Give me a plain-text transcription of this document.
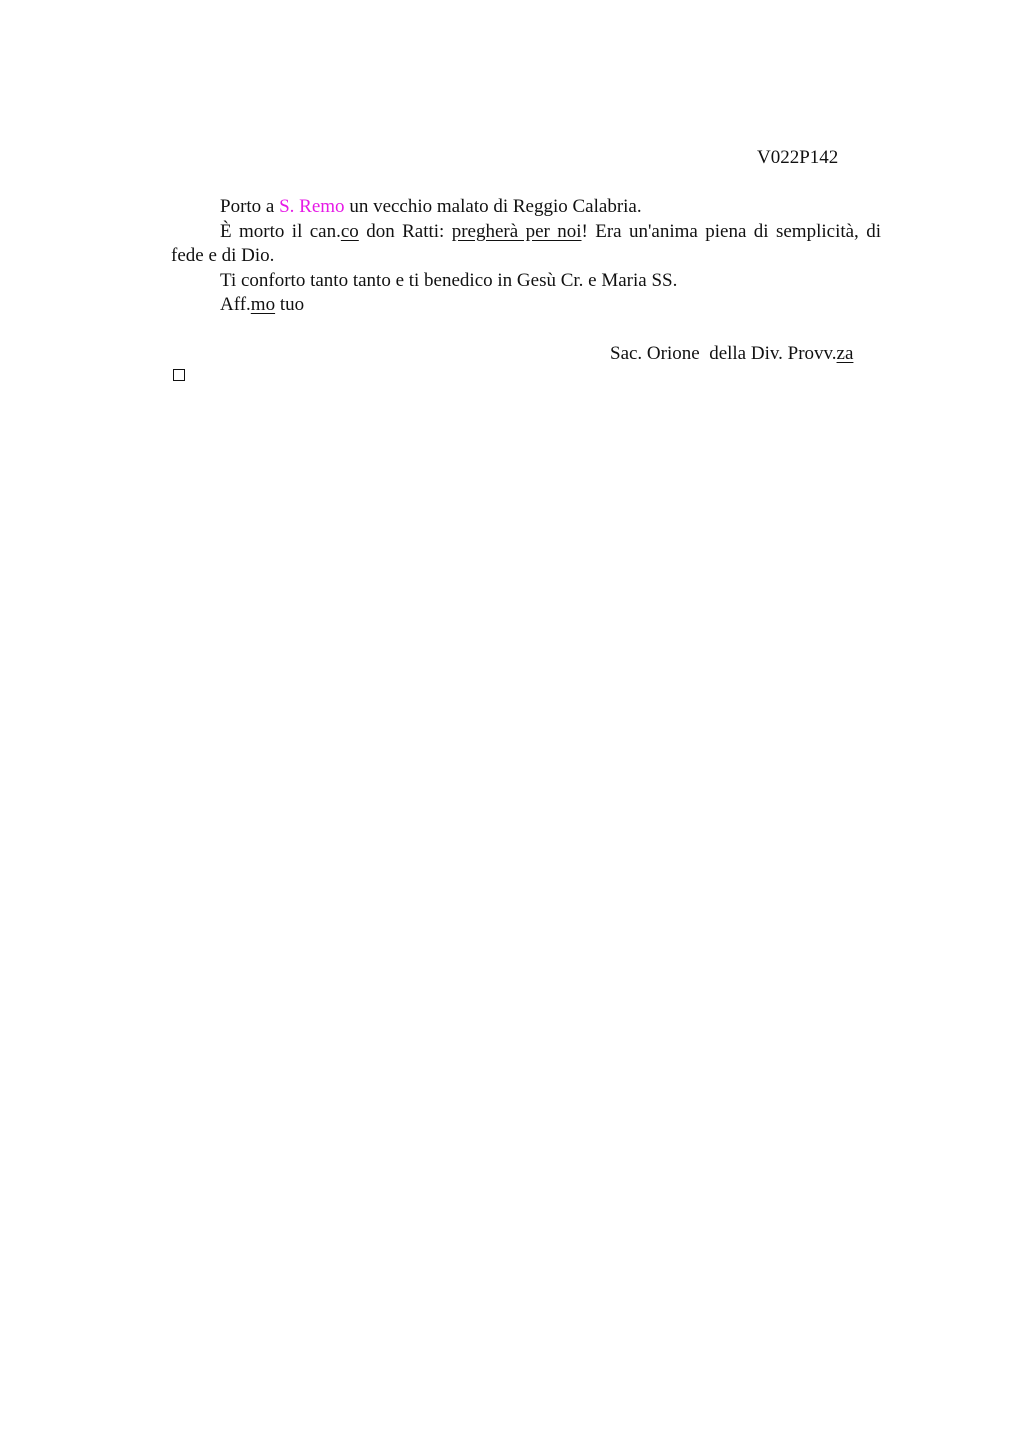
V022P142

Porto a S. Remo un vecchio malato di Reggio Calabria.

È morto il can.co don Ratti: pregherà per noi! Era un'anima piena di semplicità, di fede e di Dio.

Ti conforto tanto tanto e ti benedico in Gesù Cr. e Maria SS.

Aff.mo tuo

Sac. Orione  della Div. Provv.za
